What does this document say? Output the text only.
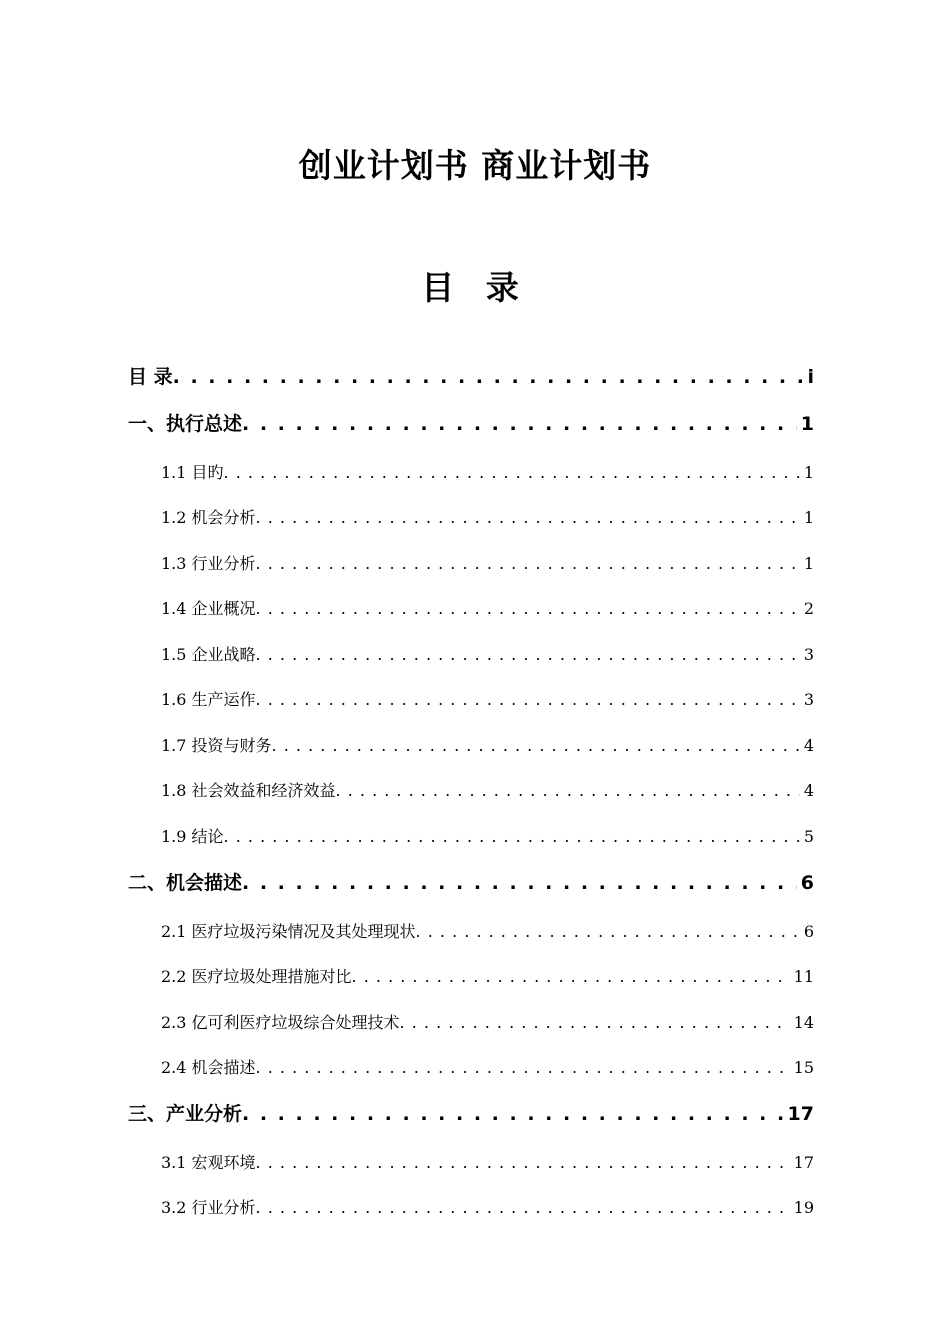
创业计划书 商业计划书
目 录
目 录 . . .	i
一、执行总述 . . .	1
1.1 目旳 . . .	1
1.2 机会分析 . . .	1
1.3 行业分析 . . .	1
1.4 企业概况 . . .	2
1.5 企业战略 . . .	3
1.6 生产运作 . . .	3
1.7 投资与财务 . . .	4
1.8 社会效益和经济效益 . . .	4
1.9 结论 . . .	5
二、机会描述 . . .	6
2.1 医疗垃圾污染情况及其处理现状 . . .	6
2.2 医疗垃圾处理措施对比 . . .	11
2.3 亿可利医疗垃圾综合处理技术 . . .	14
2.4 机会描述 . . .	15
三、产业分析 . . .	17
3.1 宏观环境 . . .	17
3.2 行业分析 . . .	19
